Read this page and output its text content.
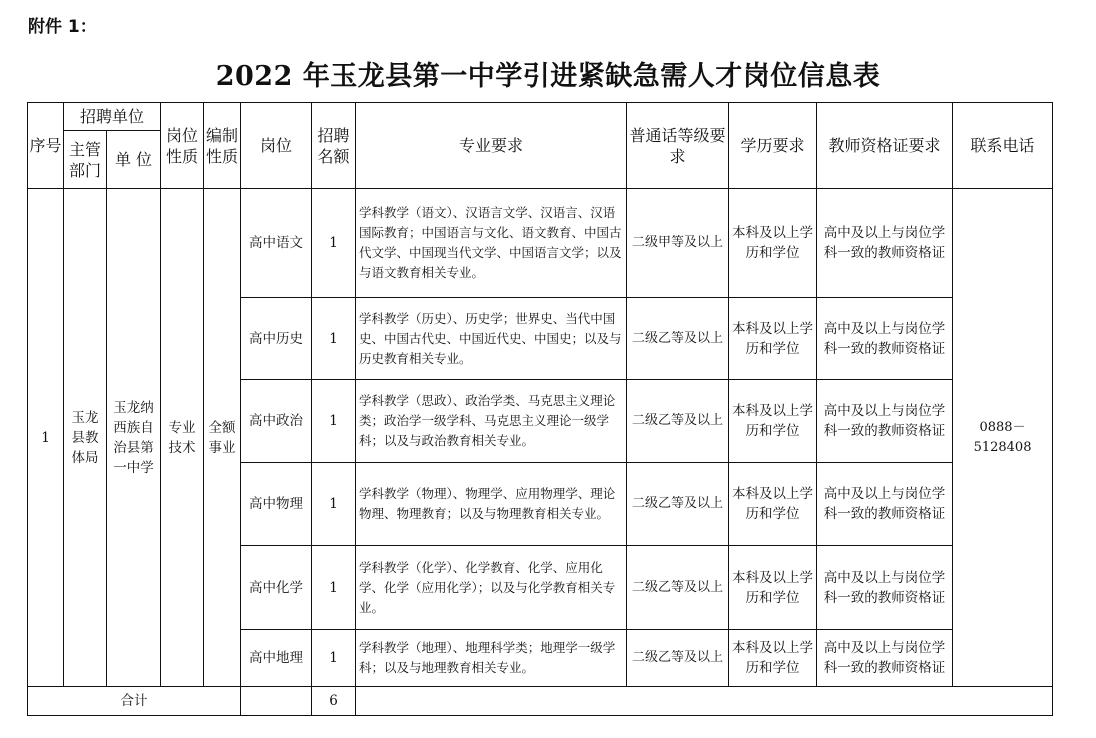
附件 1：
2022 年玉龙县第一中学引进紧缺急需人才岗位信息表
序号	招聘单位		岗位性质	编制性质	岗位	招聘名额	专业要求	普通话等级要求	学历要求	教师资格证要求	联系电话
	主管部门	单 位									
1	玉龙县教体局	玉龙纳西族自治县第一中学	专业技术	全额事业	高中语文	1	学科教学（语文）、汉语言文学、汉语言、汉语国际教育；中国语言与文化、语文教育、中国古代文学、中国现当代文学、中国语言文学；以及与语文教育相关专业。	二级甲等及以上	本科及以上学历和学位	高中及以上与岗位学科一致的教师资格证	0888－5128408
					高中历史	1	学科教学（历史）、历史学；世界史、当代中国史、中国古代史、中国近代史、中国史；以及与历史教育相关专业。	二级乙等及以上	本科及以上学历和学位	高中及以上与岗位学科一致的教师资格证	
					高中政治	1	学科教学（思政）、政治学类、马克思主义理论类；政治学一级学科、马克思主义理论一级学科；以及与政治教育相关专业。	二级乙等及以上	本科及以上学历和学位	高中及以上与岗位学科一致的教师资格证	
					高中物理	1	学科教学（物理）、物理学、应用物理学、理论物理、物理教育；以及与物理教育相关专业。	二级乙等及以上	本科及以上学历和学位	高中及以上与岗位学科一致的教师资格证	
					高中化学	1	学科教学（化学）、化学教育、化学、应用化学、化学（应用化学）；以及与化学教育相关专业。	二级乙等及以上	本科及以上学历和学位	高中及以上与岗位学科一致的教师资格证	
					高中地理	1	学科教学（地理）、地理科学类；地理学一级学科；以及与地理教育相关专业。	二级乙等及以上	本科及以上学历和学位	高中及以上与岗位学科一致的教师资格证	
合计						6					
